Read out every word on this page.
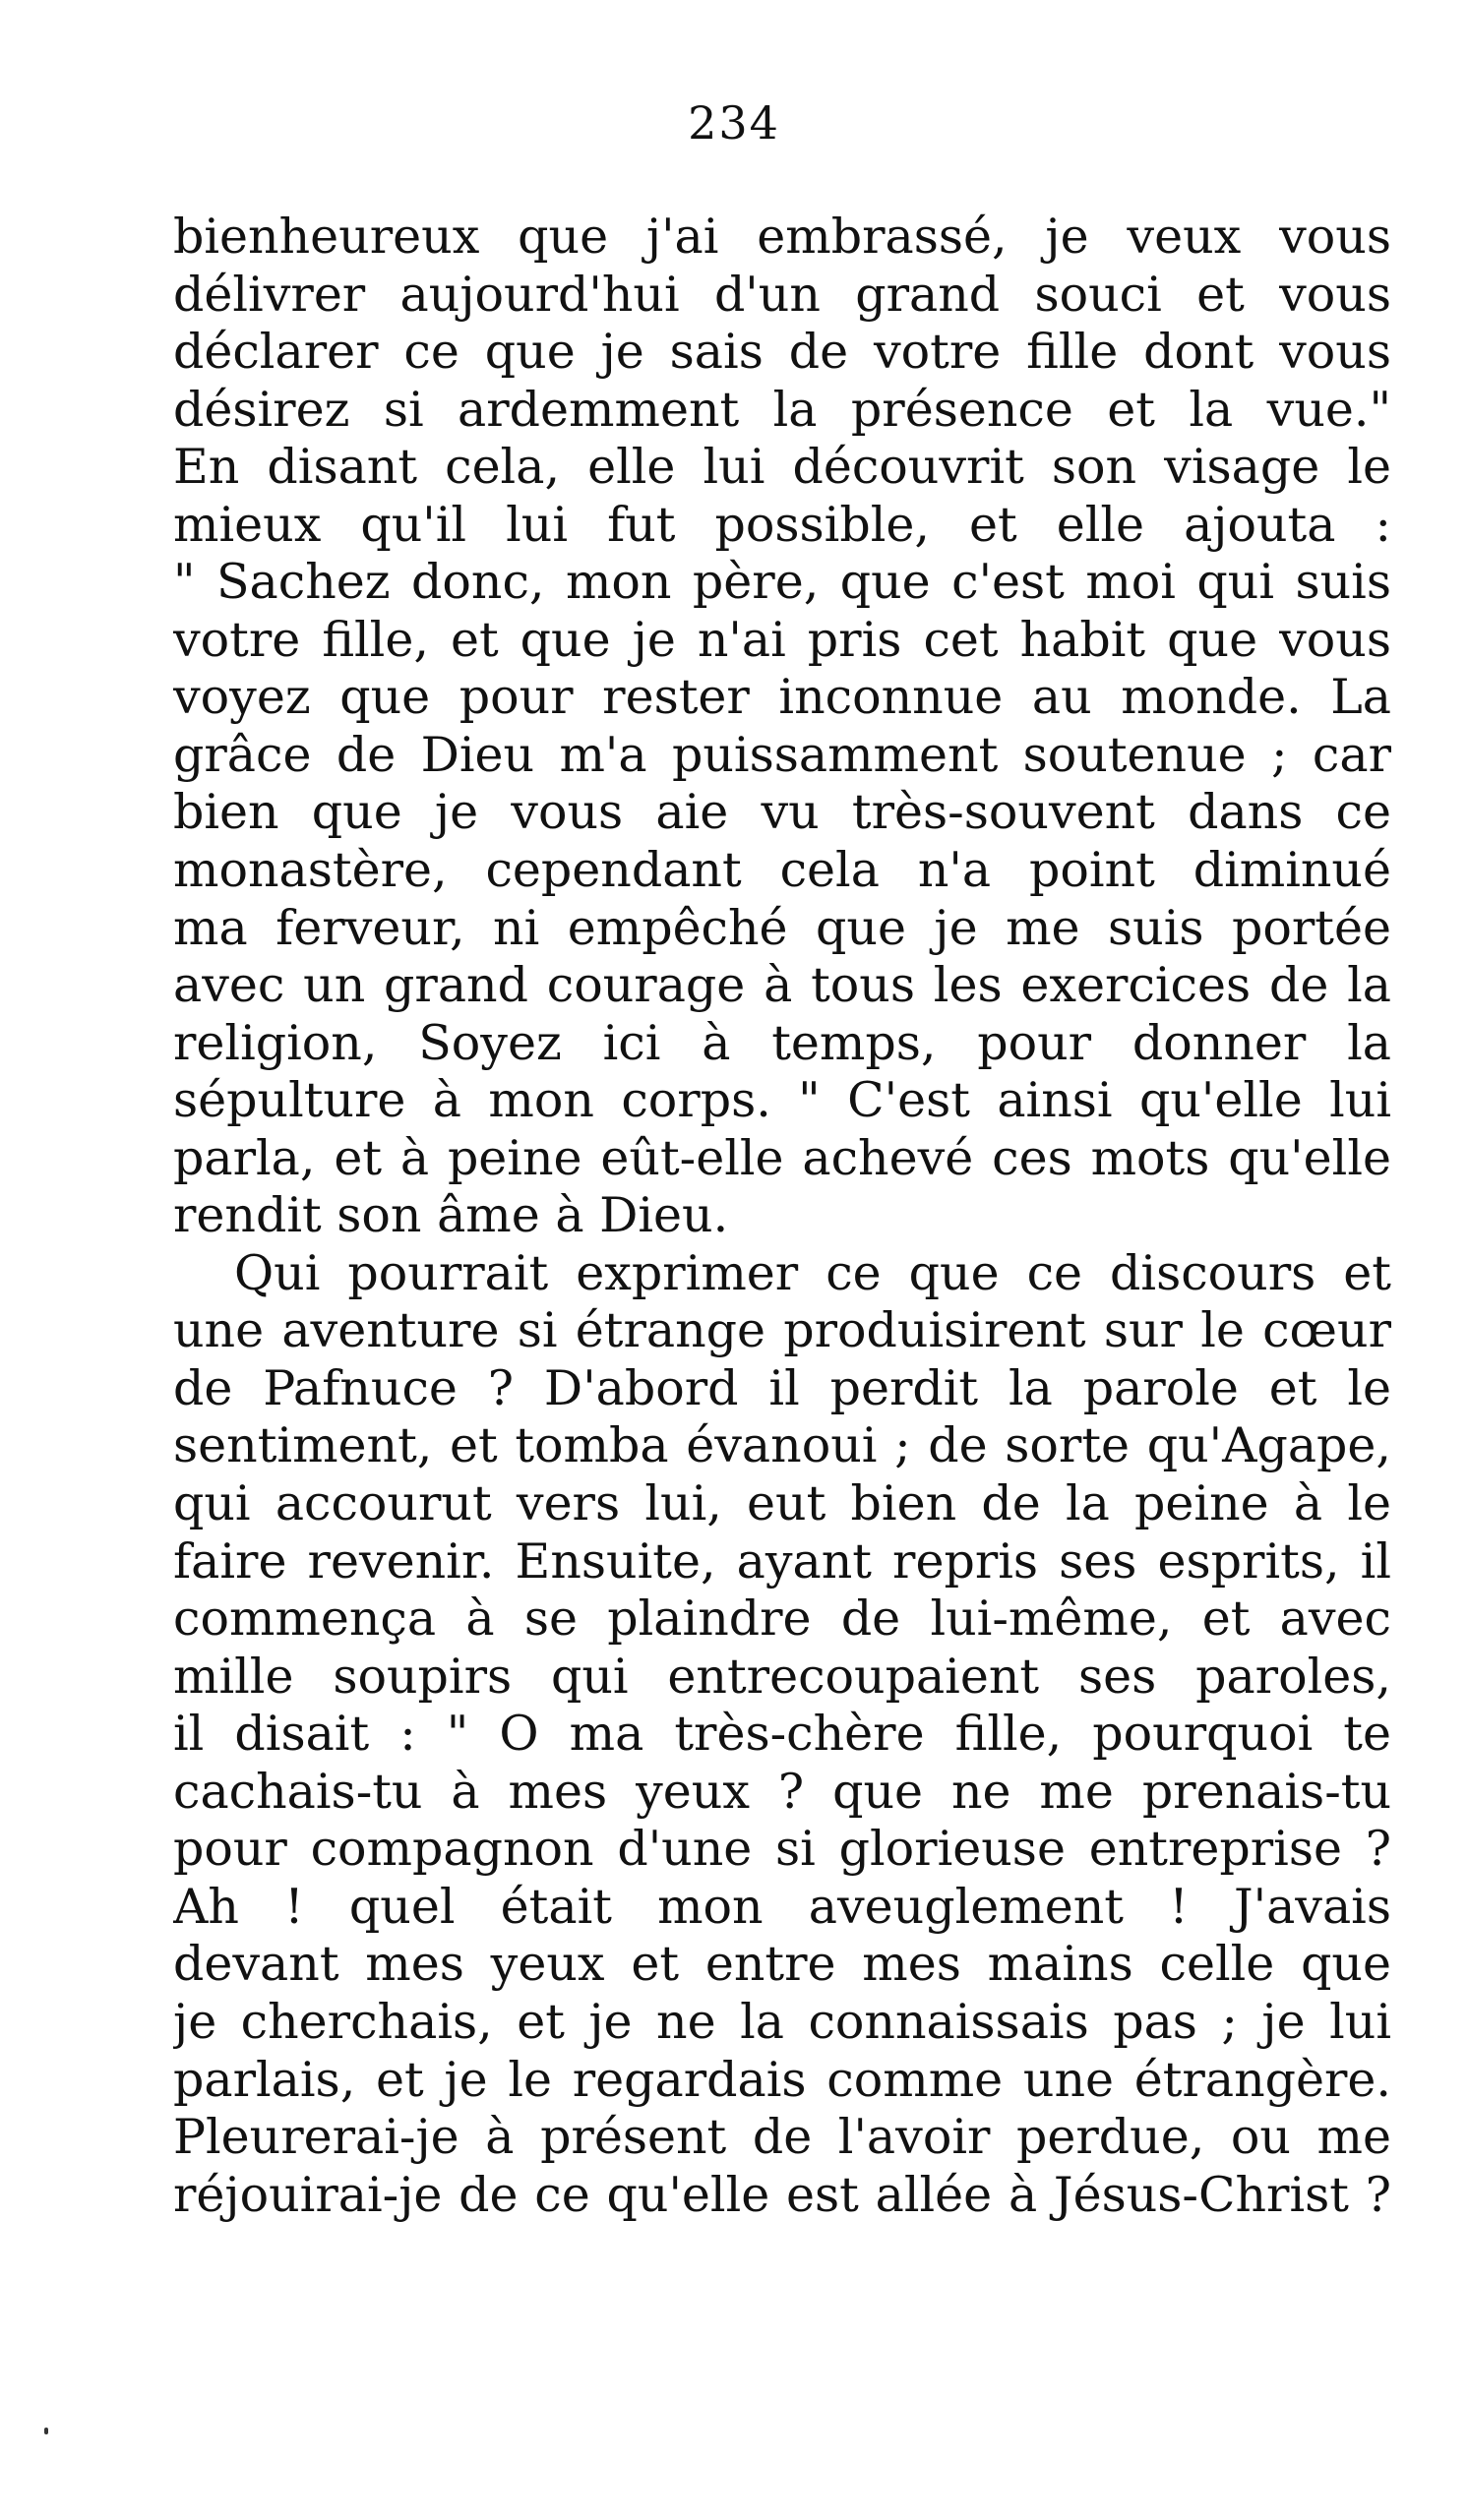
234
bienheureux que j'ai embrassé, je veux vous
délivrer aujourd'hui d'un grand souci et vous
déclarer ce que je sais de votre fille dont vous
désirez si ardemment la présence et la vue."
En disant cela, elle lui découvrit son visage le
mieux qu'il lui fut possible, et elle ajouta :
" Sachez donc, mon père, que c'est moi qui suis
votre fille, et que je n'ai pris cet habit que vous
voyez que pour rester inconnue au monde. La
grâce de Dieu m'a puissamment soutenue ; car
bien que je vous aie vu très-souvent dans ce
monastère, cependant cela n'a point diminué
ma ferveur, ni empêché que je me suis portée
avec un grand courage à tous les exercices de la
religion, Soyez ici à temps, pour donner la
sépulture à mon corps. " C'est ainsi qu'elle lui
parla, et à peine eût-elle achevé ces mots qu'elle
rendit son âme à Dieu.
Qui pourrait exprimer ce que ce discours et
une aventure si étrange produisirent sur le cœur
de Pafnuce ? D'abord il perdit la parole et le
sentiment, et tomba évanoui ; de sorte qu'Agape,
qui accourut vers lui, eut bien de la peine à le
faire revenir. Ensuite, ayant repris ses esprits, il
commença à se plaindre de lui-même, et avec
mille soupirs qui entrecoupaient ses paroles,
il disait : " O ma très-chère fille, pourquoi te
cachais-tu à mes yeux ? que ne me prenais-tu
pour compagnon d'une si glorieuse entreprise ?
Ah ! quel était mon aveuglement ! J'avais
devant mes yeux et entre mes mains celle que
je cherchais, et je ne la connaissais pas ; je lui
parlais, et je le regardais comme une étrangère.
Pleurerai-je à présent de l'avoir perdue, ou me
réjouirai-je de ce qu'elle est allée à Jésus-Christ ?
